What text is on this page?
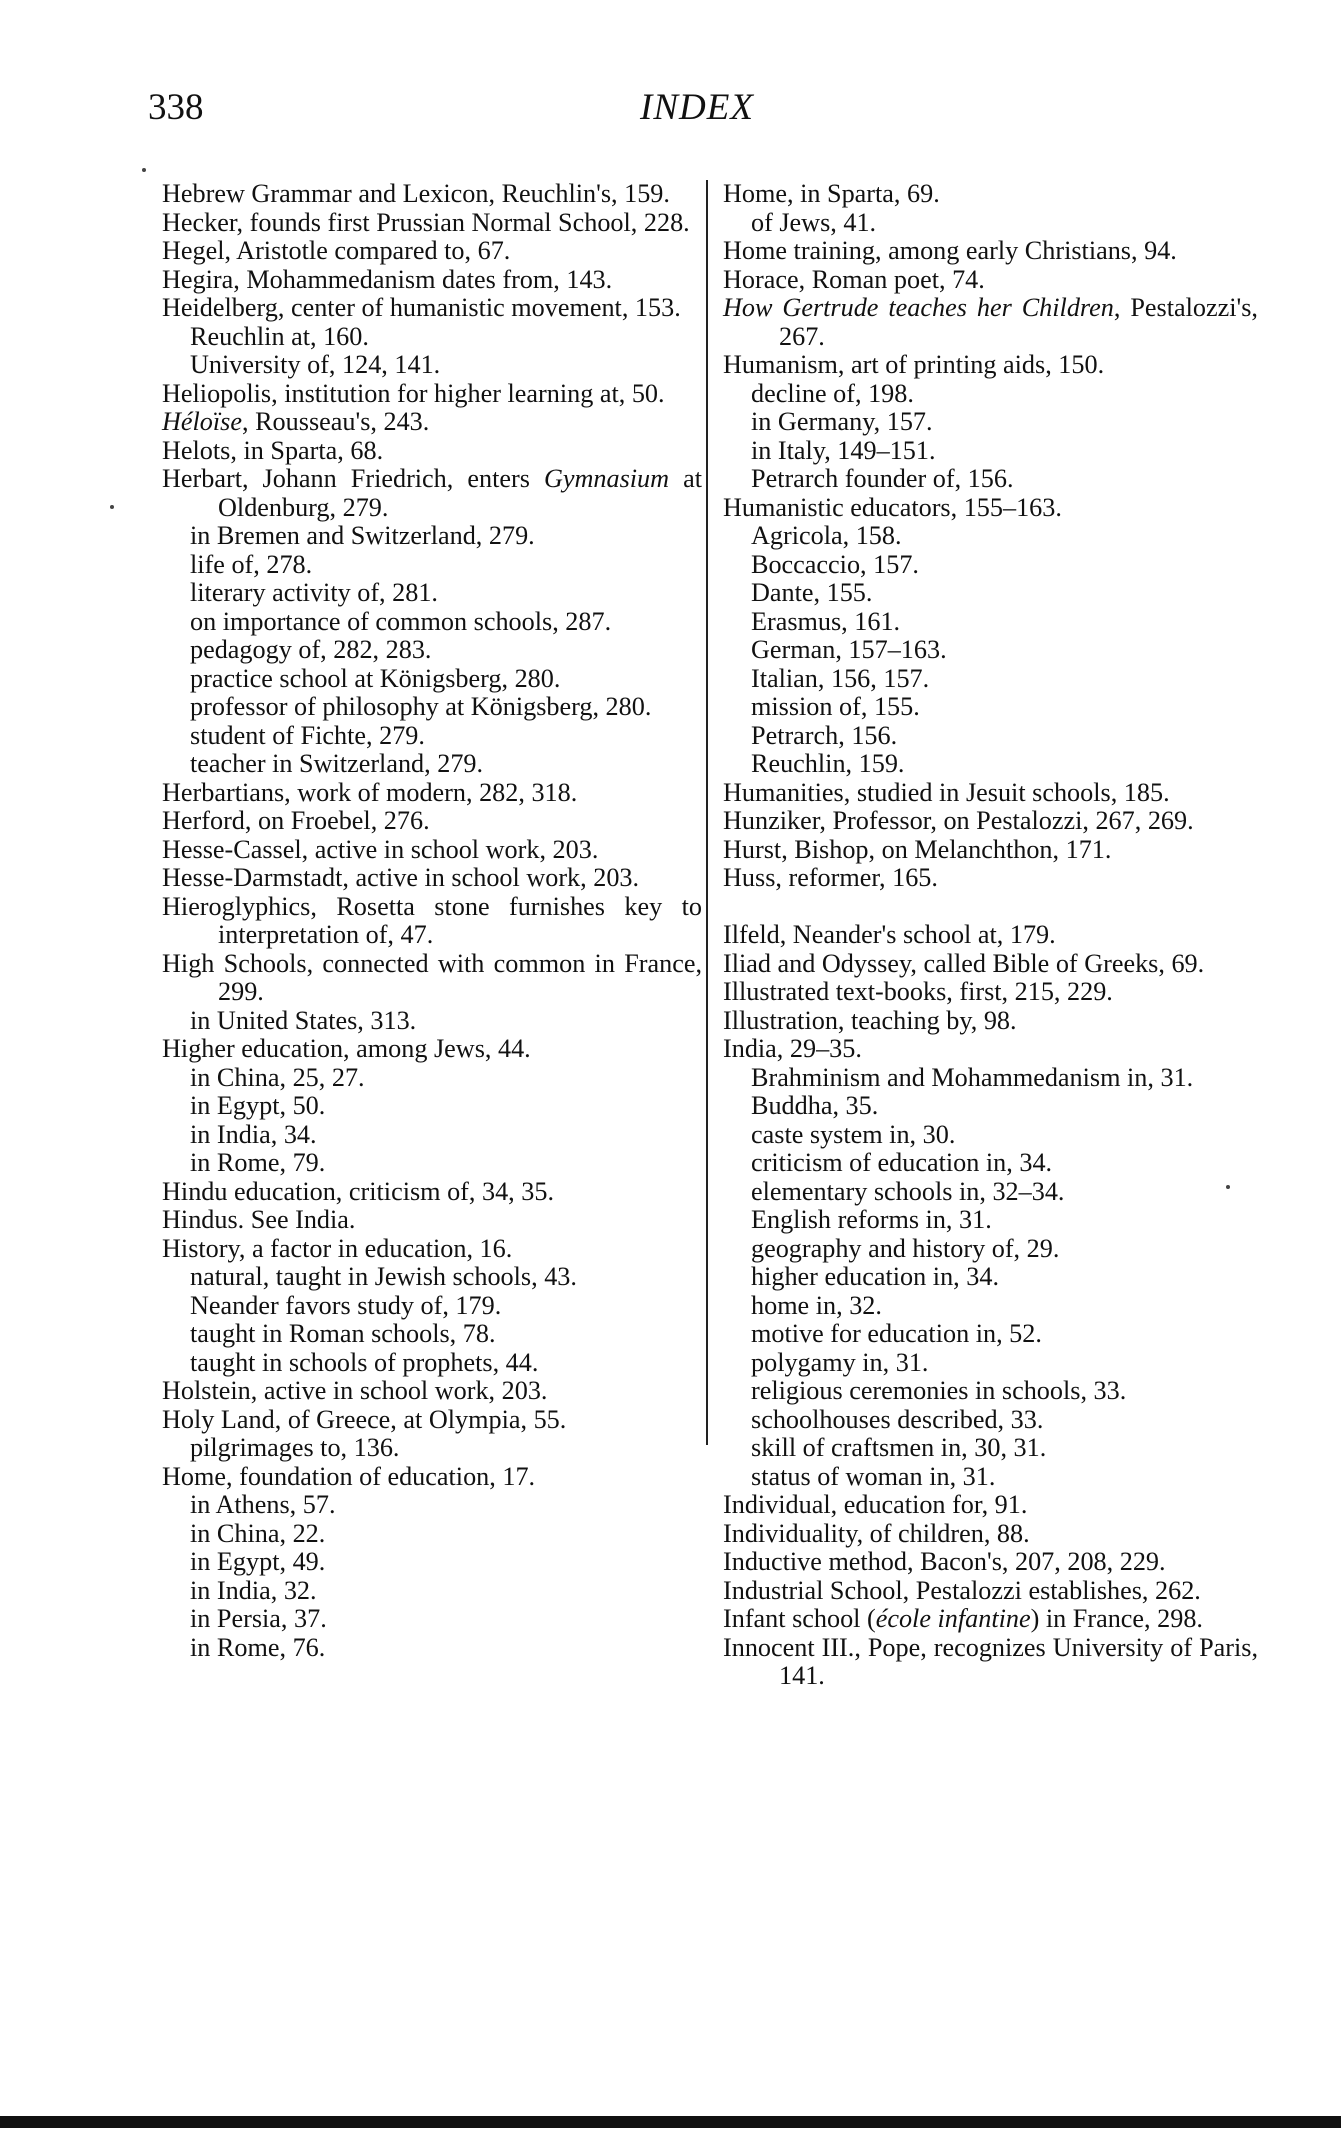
338	INDEX
Hebrew Grammar and Lexicon, Reuchlin's, 159.
Hecker, founds first Prussian Normal School, 228.
Hegel, Aristotle compared to, 67.
Hegira, Mohammedanism dates from, 143.
Heidelberg, center of humanistic movement, 153.
Reuchlin at, 160.
University of, 124, 141.
Heliopolis, institution for higher learning at, 50.
Héloïse, Rousseau's, 243.
Helots, in Sparta, 68.
Herbart, Johann Friedrich, enters Gymnasium at Oldenburg, 279.
in Bremen and Switzerland, 279.
life of, 278.
literary activity of, 281.
on importance of common schools, 287.
pedagogy of, 282, 283.
practice school at Königsberg, 280.
professor of philosophy at Königsberg, 280.
student of Fichte, 279.
teacher in Switzerland, 279.
Herbartians, work of modern, 282, 318.
Herford, on Froebel, 276.
Hesse-Cassel, active in school work, 203.
Hesse-Darmstadt, active in school work, 203.
Hieroglyphics, Rosetta stone furnishes key to interpretation of, 47.
High Schools, connected with common in France, 299.
in United States, 313.
Higher education, among Jews, 44.
in China, 25, 27.
in Egypt, 50.
in India, 34.
in Rome, 79.
Hindu education, criticism of, 34, 35.
Hindus. See India.
History, a factor in education, 16.
natural, taught in Jewish schools, 43.
Neander favors study of, 179.
taught in Roman schools, 78.
taught in schools of prophets, 44.
Holstein, active in school work, 203.
Holy Land, of Greece, at Olympia, 55.
pilgrimages to, 136.
Home, foundation of education, 17.
in Athens, 57.
in China, 22.
in Egypt, 49.
in India, 32.
in Persia, 37.
in Rome, 76.
Home, in Sparta, 69.
of Jews, 41.
Home training, among early Christians, 94.
Horace, Roman poet, 74.
How Gertrude teaches her Children, Pestalozzi's, 267.
Humanism, art of printing aids, 150.
decline of, 198.
in Germany, 157.
in Italy, 149–151.
Petrarch founder of, 156.
Humanistic educators, 155–163.
Agricola, 158.
Boccaccio, 157.
Dante, 155.
Erasmus, 161.
German, 157–163.
Italian, 156, 157.
mission of, 155.
Petrarch, 156.
Reuchlin, 159.
Humanities, studied in Jesuit schools, 185.
Hunziker, Professor, on Pestalozzi, 267, 269.
Hurst, Bishop, on Melanchthon, 171.
Huss, reformer, 165.
Ilfeld, Neander's school at, 179.
Iliad and Odyssey, called Bible of Greeks, 69.
Illustrated text-books, first, 215, 229.
Illustration, teaching by, 98.
India, 29–35.
Brahminism and Mohammedanism in, 31.
Buddha, 35.
caste system in, 30.
criticism of education in, 34.
elementary schools in, 32–34.
English reforms in, 31.
geography and history of, 29.
higher education in, 34.
home in, 32.
motive for education in, 52.
polygamy in, 31.
religious ceremonies in schools, 33.
schoolhouses described, 33.
skill of craftsmen in, 30, 31.
status of woman in, 31.
Individual, education for, 91.
Individuality, of children, 88.
Inductive method, Bacon's, 207, 208, 229.
Industrial School, Pestalozzi establishes, 262.
Infant school (école infantine) in France, 298.
Innocent III., Pope, recognizes University of Paris, 141.
